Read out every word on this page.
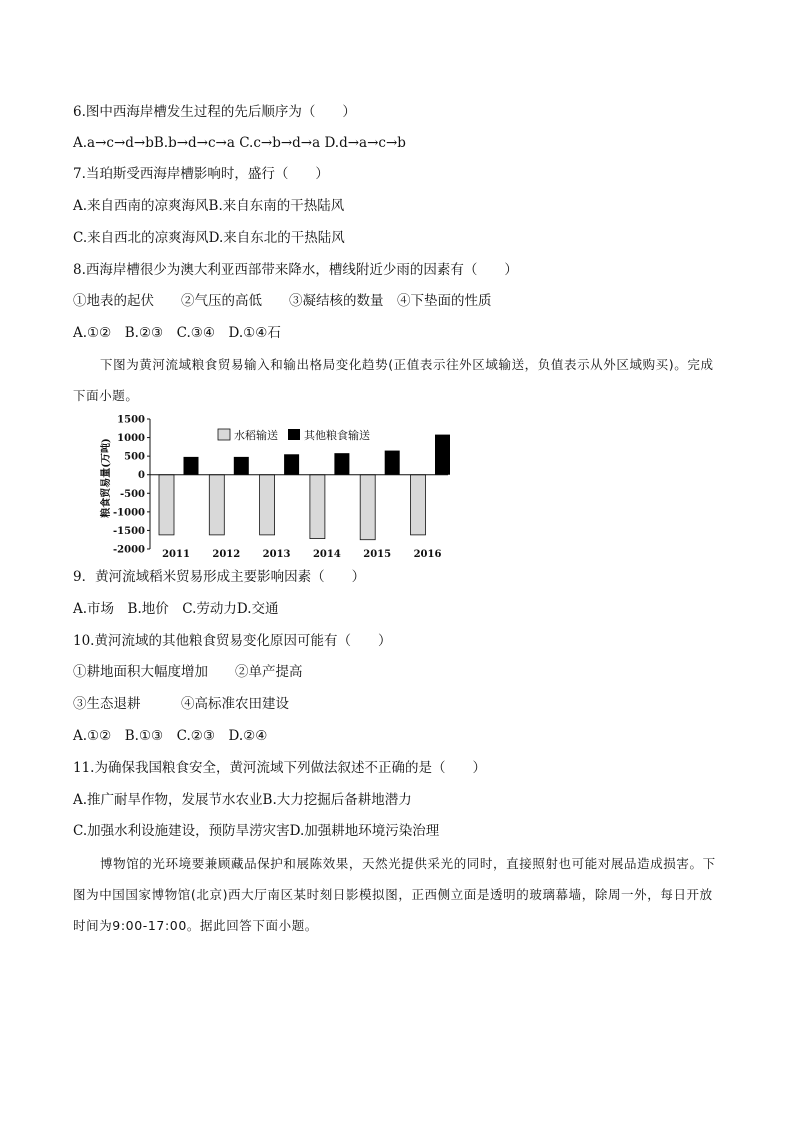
6.图中西海岸槽发生过程的先后顺序为（　　）
A.a→c→d→bB.b→d→c→a C.c→b→d→a D.d→a→c→b
7.当珀斯受西海岸槽影响时，盛行（　　）
A.来自西南的凉爽海风B.来自东南的干热陆风
C.来自西北的凉爽海风D.来自东北的干热陆风
8.西海岸槽很少为澳大利亚西部带来降水，槽线附近少雨的因素有（　　）
①地表的起伏　　②气压的高低　　③凝结核的数量　④下垫面的性质
A.①②　B.②③　C.③④　D.①④石
下图为黄河流域粮食贸易输入和输出格局变化趋势(正值表示往外区域输送，负值表示从外区域购买)。完成下面小题。
粮食贸易量(万吨)
1500
1000
500
0
-500
-1000
-1500
-2000 2011 2012 2013 2014 2015 2016
水稻输送 其他粮食输送
9．黄河流域稻米贸易形成主要影响因素（　　）
A.市场　B.地价　C.劳动力D.交通
10.黄河流域的其他粮食贸易变化原因可能有（　　）
①耕地面积大幅度增加　　②单产提高
③生态退耕　　　④高标准农田建设
A.①②　B.①③　C.②③　D.②④
11.为确保我国粮食安全，黄河流域下列做法叙述不正确的是（　　）
A.推广耐旱作物，发展节水农业B.大力挖掘后备耕地潜力
C.加强水利设施建设，预防旱涝灾害D.加强耕地环境污染治理
博物馆的光环境要兼顾藏品保护和展陈效果，天然光提供采光的同时，直接照射也可能对展品造成损害。下图为中国国家博物馆(北京)西大厅南区某时刻日影模拟图，正西侧立面是透明的玻璃幕墙，除周一外，每日开放时间为9:00-17:00。据此回答下面小题。
